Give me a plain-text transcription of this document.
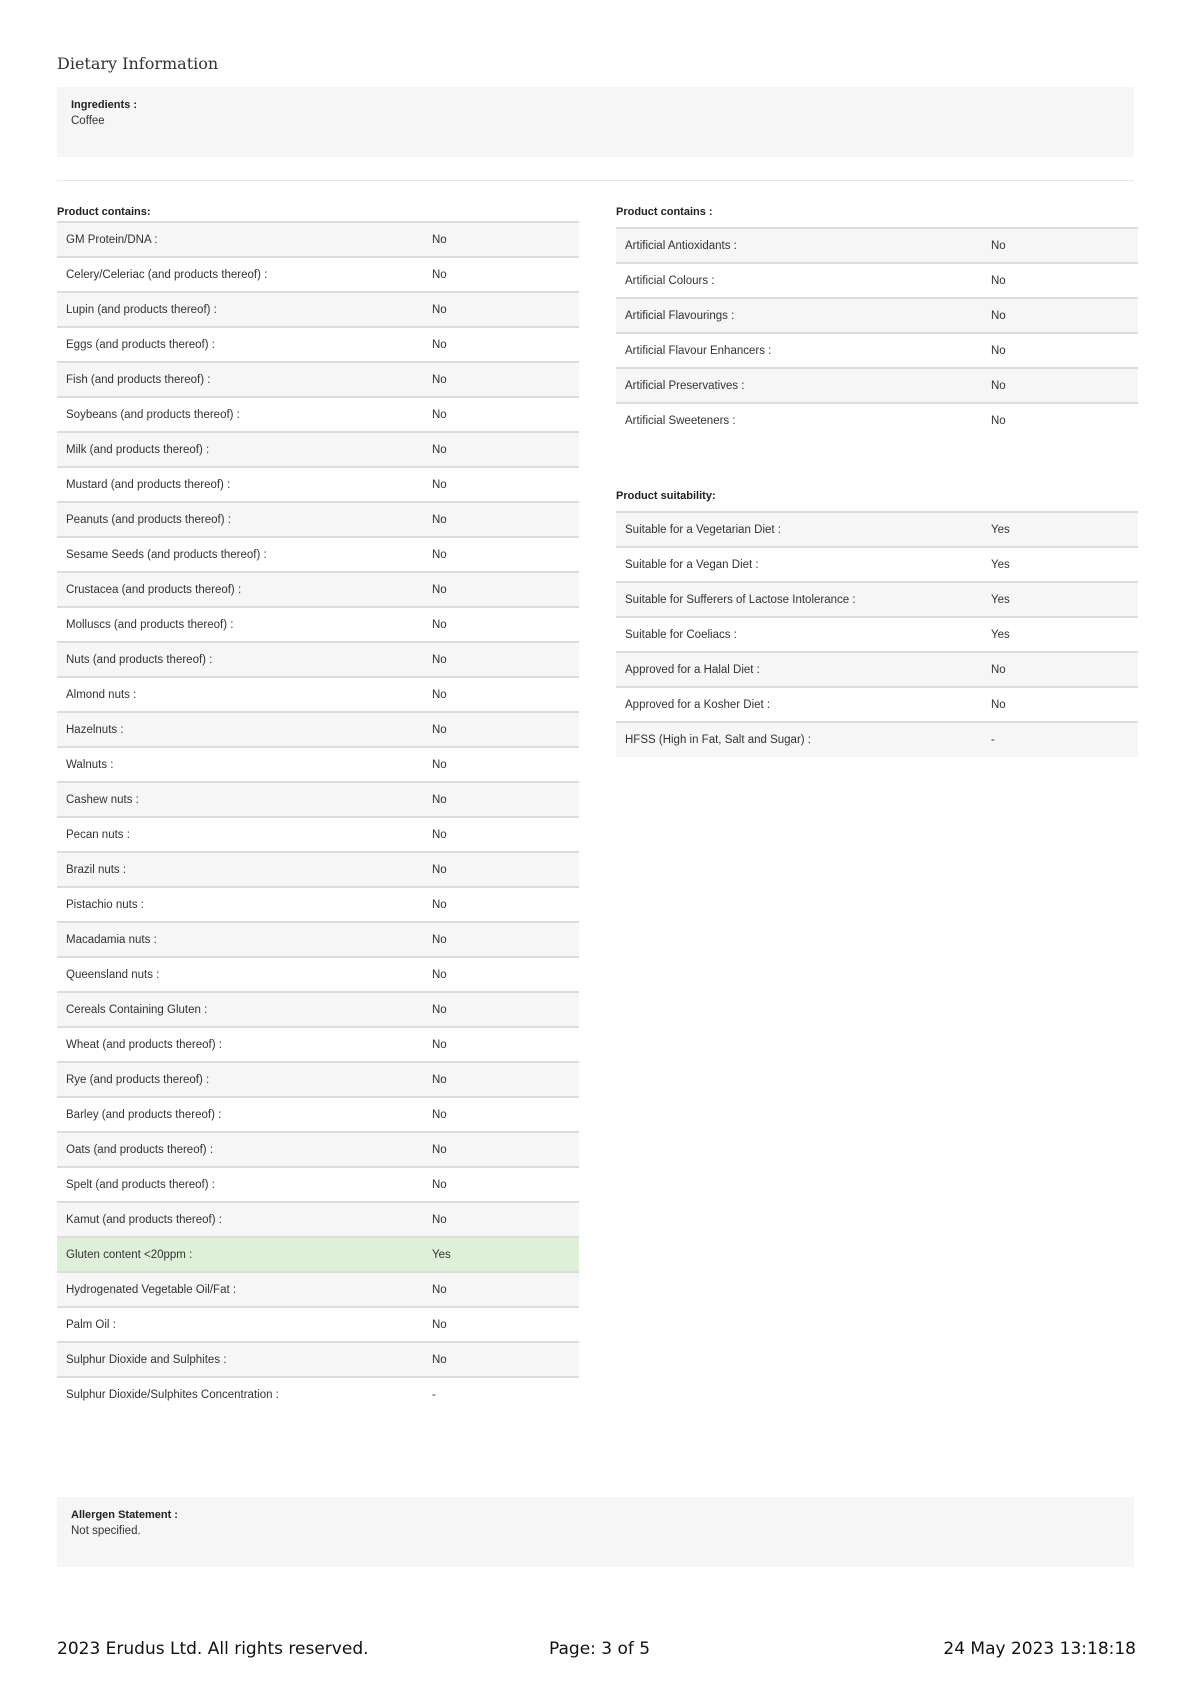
Dietary Information
Ingredients :
Coffee
Product contains:
GM Protein/DNA :	No
Celery/Celeriac (and products thereof) :	No
Lupin (and products thereof) :	No
Eggs (and products thereof) :	No
Fish (and products thereof) :	No
Soybeans (and products thereof) :	No
Milk (and products thereof) :	No
Mustard (and products thereof) :	No
Peanuts (and products thereof) :	No
Sesame Seeds (and products thereof) :	No
Crustacea (and products thereof) :	No
Molluscs (and products thereof) :	No
Nuts (and products thereof) :	No
Almond nuts :	No
Hazelnuts :	No
Walnuts :	No
Cashew nuts :	No
Pecan nuts :	No
Brazil nuts :	No
Pistachio nuts :	No
Macadamia nuts :	No
Queensland nuts :	No
Cereals Containing Gluten :	No
Wheat (and products thereof) :	No
Rye (and products thereof) :	No
Barley (and products thereof) :	No
Oats (and products thereof) :	No
Spelt (and products thereof) :	No
Kamut (and products thereof) :	No
Gluten content <20ppm :	Yes
Hydrogenated Vegetable Oil/Fat :	No
Palm Oil :	No
Sulphur Dioxide and Sulphites :	No
Sulphur Dioxide/Sulphites Concentration :	-
Product contains :
Artificial Antioxidants :	No
Artificial Colours :	No
Artificial Flavourings :	No
Artificial Flavour Enhancers :	No
Artificial Preservatives :	No
Artificial Sweeteners :	No
Product suitability:
Suitable for a Vegetarian Diet :	Yes
Suitable for a Vegan Diet :	Yes
Suitable for Sufferers of Lactose Intolerance :	Yes
Suitable for Coeliacs :	Yes
Approved for a Halal Diet :	No
Approved for a Kosher Diet :	No
HFSS (High in Fat, Salt and Sugar) :	-
Allergen Statement :
Not specified.
2023 Erudus Ltd. All rights reserved.	Page: 3 of 5	24 May 2023 13:18:18
